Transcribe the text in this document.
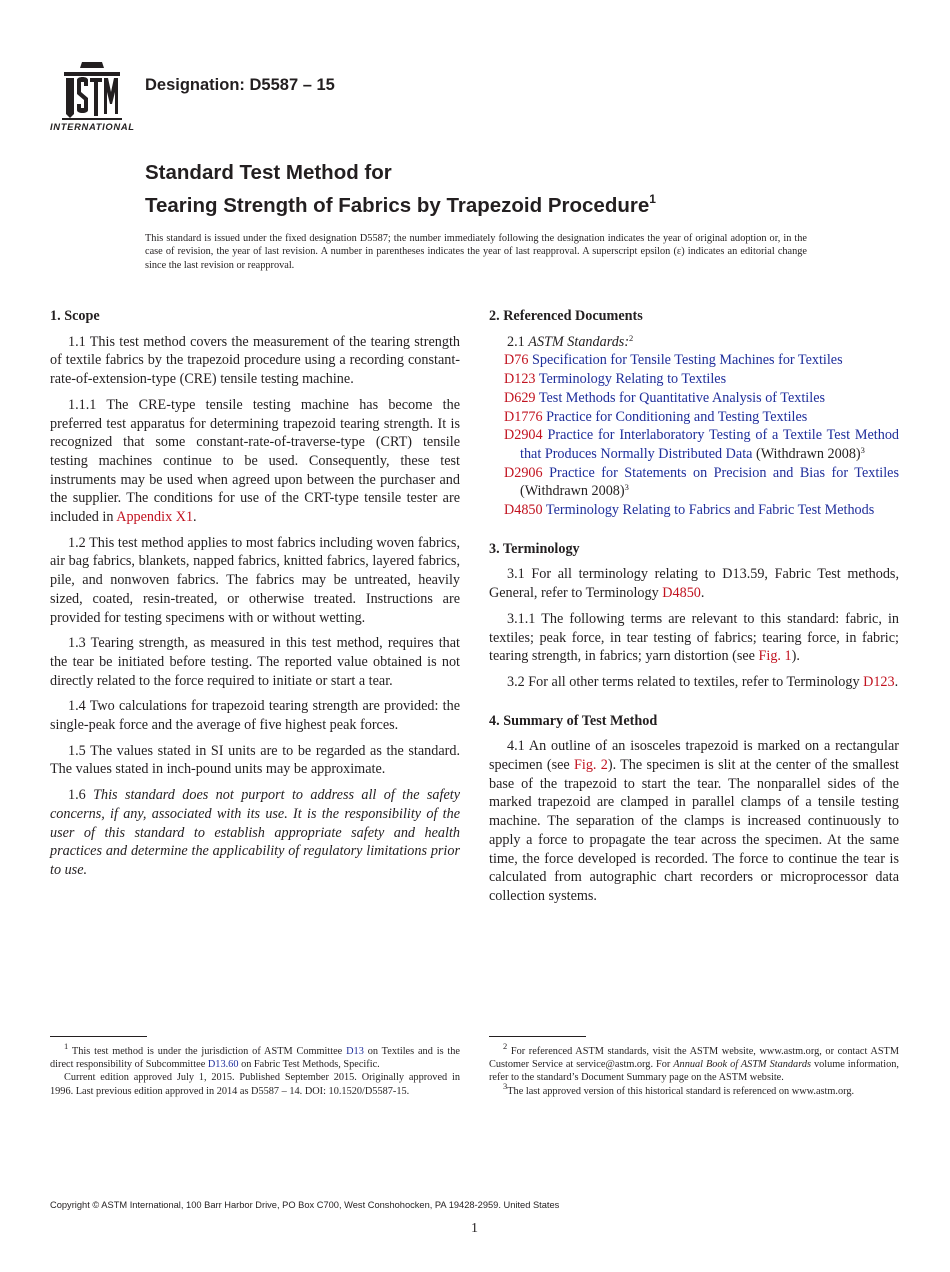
INTERNATIONAL
Designation: D5587 – 15
Standard Test Method for
Tearing Strength of Fabrics by Trapezoid Procedure$^1$
This standard is issued under the fixed designation D5587; the number immediately following the designation indicates the year of original adoption or, in the case of revision, the year of last revision. A number in parentheses indicates the year of last reapproval. A superscript epsilon (ε) indicates an editorial change since the last revision or reapproval.
1. Scope

1.1 This test method covers the measurement of the tearing strength of textile fabrics by the trapezoid procedure using a recording constant-rate-of-extension-type (CRE) tensile testing machine.

1.1.1 The CRE-type tensile testing machine has become the preferred test apparatus for determining trapezoid tearing strength. It is recognized that some constant-rate-of-traverse-type (CRT) tensile testing machines continue to be used. Consequently, these test instruments may be used when agreed upon between the purchaser and the supplier. The conditions for use of the CRT-type tensile tester are included in Appendix X1.

1.2 This test method applies to most fabrics including woven fabrics, air bag fabrics, blankets, napped fabrics, knitted fabrics, layered fabrics, pile, and nonwoven fabrics. The fabrics may be untreated, heavily sized, coated, resin-treated, or otherwise treated. Instructions are provided for testing specimens with or without wetting.

1.3 Tearing strength, as measured in this test method, requires that the tear be initiated before testing. The reported value obtained is not directly related to the force required to initiate or start a tear.

1.4 Two calculations for trapezoid tearing strength are provided: the single-peak force and the average of five highest peak forces.

1.5 The values stated in SI units are to be regarded as the standard. The values stated in inch-pound units may be approximate.

1.6 This standard does not purport to address all of the safety concerns, if any, associated with its use. It is the responsibility of the user of this standard to establish appropriate safety and health practices and determine the applicability of regulatory limitations prior to use.

$^1$ This test method is under the jurisdiction of ASTM Committee D13 on Textiles and is the direct responsibility of Subcommittee D13.60 on Fabric Test Methods, Specific.

Current edition approved July 1, 2015. Published September 2015. Originally approved in 1996. Last previous edition approved in 2014 as D5587 – 14. DOI: 10.1520/D5587-15.

2. Referenced Documents

2.1 ASTM Standards:$^2$

D76 Specification for Tensile Testing Machines for Textiles

D123 Terminology Relating to Textiles

D629 Test Methods for Quantitative Analysis of Textiles

D1776 Practice for Conditioning and Testing Textiles

D2904 Practice for Interlaboratory Testing of a Textile Test Method that Produces Normally Distributed Data (Withdrawn 2008)$^3$

D2906 Practice for Statements on Precision and Bias for Textiles (Withdrawn 2008)$^3$

D4850 Terminology Relating to Fabrics and Fabric Test Methods

3. Terminology

3.1 For all terminology relating to D13.59, Fabric Test methods, General, refer to Terminology D4850.

3.1.1 The following terms are relevant to this standard: fabric, in textiles; peak force, in tear testing of fabrics; tearing force, in fabric; tearing strength, in fabrics; yarn distortion (see Fig. 1).

3.2 For all other terms related to textiles, refer to Terminology D123.

4. Summary of Test Method

4.1 An outline of an isosceles trapezoid is marked on a rectangular specimen (see Fig. 2). The specimen is slit at the center of the smallest base of the trapezoid to start the tear. The nonparallel sides of the marked trapezoid are clamped in parallel clamps of a tensile testing machine. The separation of the clamps is increased continuously to apply a force to propagate the tear across the specimen. At the same time, the force developed is recorded. The force to continue the tear is calculated from autographic chart recorders or microprocessor data collection systems.

$^2$ For referenced ASTM standards, visit the ASTM website, www.astm.org, or contact ASTM Customer Service at service@astm.org. For Annual Book of ASTM Standards volume information, refer to the standard’s Document Summary page on the ASTM website.

$^3$The last approved version of this historical standard is referenced on www.astm.org.

Copyright © ASTM International, 100 Barr Harbor Drive, PO Box C700, West Conshohocken, PA 19428-2959. United States
1
